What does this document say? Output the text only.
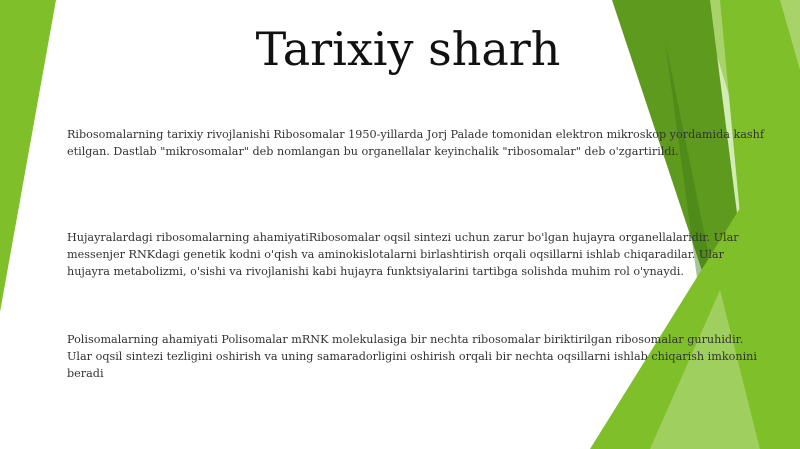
Tarixiy sharh

Ribosomalarning tarixiy rivojlanishi Ribosomalar 1950-yillarda Jorj Palade tomonidan elektron mikroskop yordamida kashf etilgan. Dastlab "mikrosomalar" deb nomlangan bu organellalar keyinchalik "ribosomalar" deb o'zgartirildi.

Hujayralardagi ribosomalarning ahamiyatiRibosomalar oqsil sintezi uchun zarur bo'lgan hujayra organellalaridir. Ular messenjer RNKdagi genetik kodni o'qish va aminokislotalarni birlashtirish orqali oqsillarni ishlab chiqaradilar. Ular hujayra metabolizmi, o'sishi va rivojlanishi kabi hujayra funktsiyalarini tartibga solishda muhim rol o'ynaydi.

Polisomalarning ahamiyati Polisomalar mRNK molekulasiga bir nechta ribosomalar biriktirilgan ribosomalar guruhidir. Ular oqsil sintezi tezligini oshirish va uning samaradorligini oshirish orqali bir nechta oqsillarni ishlab chiqarish imkonini beradi
